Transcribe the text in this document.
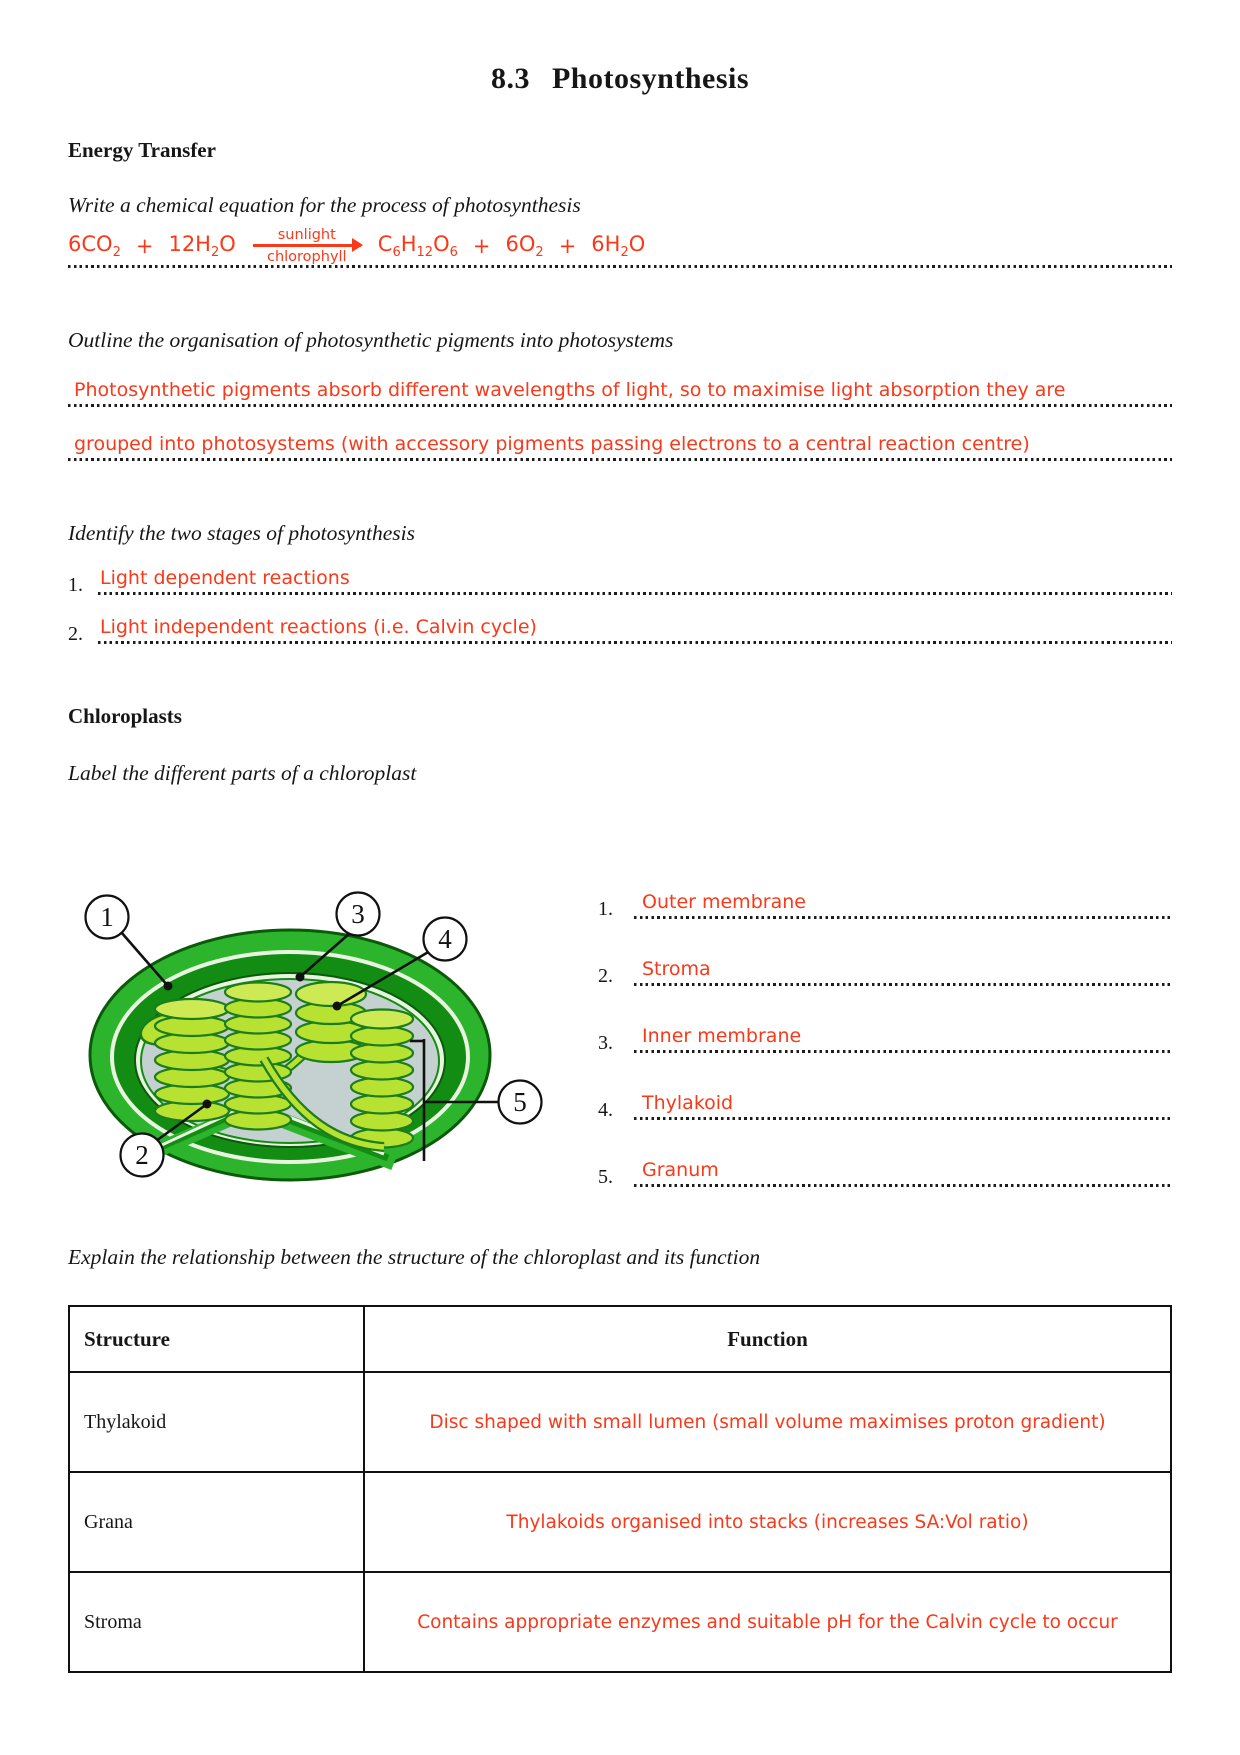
8.3 Photosynthesis
Energy Transfer

Write a chemical equation for the process of photosynthesis

$6CO_2 + 12H_2O$	sunlight
chlorophyll
$C_6H_{12}O_6 + 6O_2 + 6H_2O$

Outline the organisation of photosynthetic pigments into photosystems

Photosynthetic pigments absorb different wavelengths of light, so to maximise light absorption they are
grouped into photosystems (with accessory pigments passing electrons to a central reaction centre)

Identify the two stages of photosynthesis

1. Light dependent reactions
2. Light independent reactions (i.e. Calvin cycle)
Chloroplasts

Label the different parts of a chloroplast

1
2
3
4
5
1.	Outer membrane
2.	Stroma
3.	Inner membrane
4.	Thylakoid
5.	Granum

Explain the relationship between the structure of the chloroplast and its function

Structure	Function
Thylakoid	Disc shaped with small lumen (small volume maximises proton gradient)
Grana	Thylakoids organised into stacks (increases SA:Vol ratio)
Stroma	Contains appropriate enzymes and suitable pH for the Calvin cycle to occur
